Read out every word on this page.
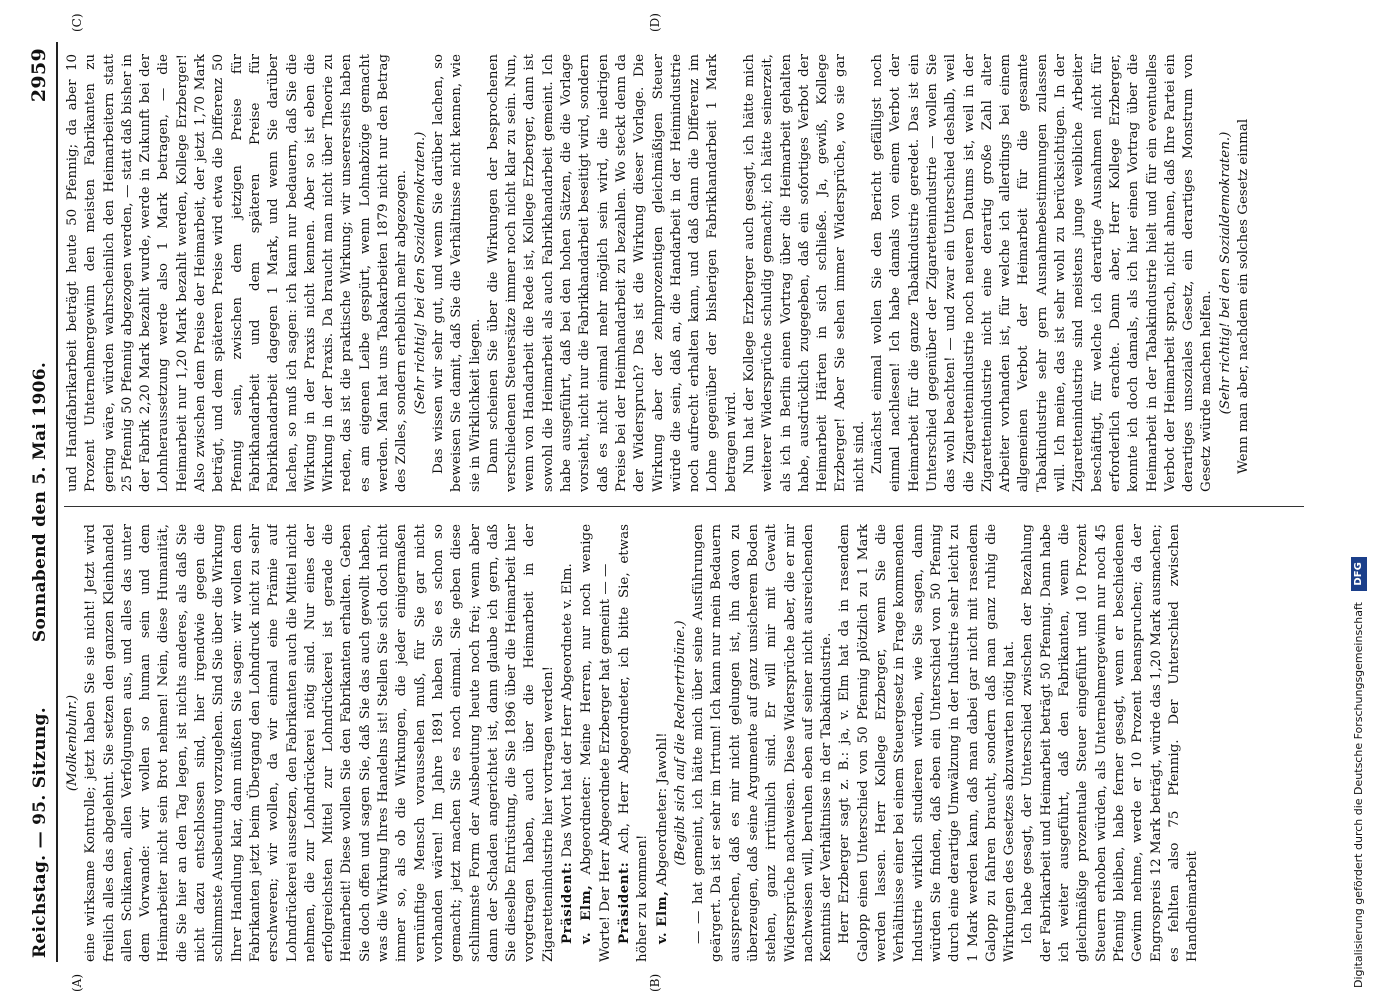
Reichstag. — 95. Sitzung.
Sonnabend den 5. Mai 1906.
2959
(A)	(B)
(C)	(D)

(Molkenbuhr.) eine wirksame Kontrolle; jetzt haben Sie sie nicht! Jetzt wird freilich alles das abgelehnt. Sie setzen den ganzen Kleinhandel allen Schikanen, allen Verfolgungen aus, und alles das unter dem Vorwande: wir wollen so human sein und dem Heimarbeiter nicht sein Brot nehmen! Nein, diese Humanität, die Sie hier an den Tag legen, ist nichts anderes, als daß Sie nicht dazu entschlossen sind, hier irgendwie gegen die schlimmste Ausbeutung vorzugehen. Sind Sie über die Wirkung Ihrer Handlung klar, dann müßten Sie sagen: wir wollen dem Fabrikanten jetzt beim Übergang den Lohndruck nicht zu sehr erschweren; wir wollen, da wir einmal eine Prämie auf Lohndrückerei aussetzen, den Fabrikanten auch die Mittel nicht nehmen, die zur Lohndrückerei nötig sind. Nur eines der erfolgreichsten Mittel zur Lohndrückerei ist gerade die Heimarbeit! Diese wollen Sie den Fabrikanten erhalten. Geben Sie doch offen und sagen Sie, daß Sie das auch gewollt haben, was die Wirkung Ihres Handelns ist! Stellen Sie sich doch nicht immer so, als ob die Wirkungen, die jeder einigermaßen vernünftige Mensch voraussehen muß, für Sie gar nicht vorhanden wären! Im Jahre 1891 haben Sie es schon so gemacht; jetzt machen Sie es noch einmal. Sie geben diese schlimmste Form der Ausbeutung heute noch frei; wenn aber dann der Schaden angerichtet ist, dann glaube ich gern, daß Sie dieselbe Entrüstung, die Sie 1896 über die Heimarbeit hier vorgetragen haben, auch über die Heimarbeit in der Zigarettenindustrie hier vortragen werden! Präsident: Das Wort hat der Herr Abgeordnete v. Elm.

v. Elm, Abgeordneter: Meine Herren, nur noch wenige Worte! Der Herr Abgeordnete Erzberger hat gemeint — — Präsident: Ach, Herr Abgeordneter, ich bitte Sie, etwas höher zu kommen! v. Elm, Abgeordneter: Jawohl! (Begibt sich auf die Rednertribüne.) — — hat gemeint, ich hätte mich über seine Ausführungen geärgert. Da ist er sehr im Irrtum! Ich kann nur mein Bedauern aussprechen, daß es mir nicht gelungen ist, ihn davon zu überzeugen, daß seine Argumente auf ganz unsicherem Boden stehen, ganz irrtümlich sind. Er will mir mit Gewalt Widersprüche nachweisen. Diese Widersprüche aber, die er mir nachweisen will, beruhen eben auf seiner nicht ausreichenden Kenntnis der Verhältnisse in der Tabakindustrie. Herr Erzberger sagt z. B.: ja, v. Elm hat da in rasendem Galopp einen Unterschied von 50 Pfennig plötzlich zu 1 Mark werden lassen. Herr Kollege Erzberger, wenn Sie die Verhältnisse einer bei einem Steuergesetz in Frage kommenden Industrie wirklich studieren würden, wie Sie sagen, dann würden Sie finden, daß eben ein Unterschied von 50 Pfennig durch eine derartige Umwälzung in der Industrie sehr leicht zu 1 Mark werden kann, daß man dabei gar nicht mit rasendem Galopp zu fahren braucht, sondern daß man ganz ruhig die Wirkungen des Gesetzes abzuwarten nötig hat. Ich habe gesagt, der Unterschied zwischen der Bezahlung der Fabrikarbeit und Heimarbeit beträgt 50 Pfennig. Dann habe ich weiter ausgeführt, daß den Fabrikanten, wenn die gleichmäßige prozentuale Steuer eingeführt und 10 Prozent Steuern erhoben würden, als Unternehmergewinn nur noch 45 Pfennig bleiben, habe ferner gesagt, wenn er beschiedenen Gewinn nehme, werde er 10 Prozent beanspruchen; da der Engrospreis 12 Mark beträgt, würde das 1,20 Mark ausmachen; es fehlten also 75 Pfennig. Der Unterschied zwischen Handheimarbeit

und Handfabrikarbeit beträgt heute 50 Pfennig; da aber 10 Prozent Unternehmergewinn den meisten Fabrikanten zu gering wäre, würden wahrscheinlich den Heimarbeitern statt 25 Pfennig 50 Pfennig abgezogen werden, — statt daß bisher in der Fabrik 2,20 Mark bezahlt wurde, werde in Zukunft bei der Lohnheraussetzung werde also 1 Mark betragen, — die Heimarbeit nur 1,20 Mark bezahlt werden, Kollege Erzberger! Also zwischen dem Preise der Heimarbeit, der jetzt 1,70 Mark beträgt, und dem späteren Preise wird etwa die Differenz 50 Pfennig sein, zwischen dem jetzigen Preise für Fabrikhandarbeit und dem späteren Preise für Fabrikhandarbeit dagegen 1 Mark, und wenn Sie darüber lachen, so muß ich sagen: ich kann nur bedauern, daß Sie die Wirkung in der Praxis nicht kennen. Aber so ist eben die Wirkung in der Praxis. Da braucht man nicht über Theorie zu reden, das ist die praktische Wirkung; wir unsererseits haben es am eigenen Leibe gespürt, wenn Lohnabzüge gemacht werden. Man hat uns Tabakarbeiten 1879 nicht nur den Betrag des Zolles, sondern erheblich mehr abgezogen. (Sehr richtig! bei den Sozialdemokraten.) Das wissen wir sehr gut, und wenn Sie darüber lachen, so beweisen Sie damit, daß Sie die Verhältnisse nicht kennen, wie sie in Wirklichkeit liegen. Dann scheinen Sie über die Wirkungen der besprochenen verschiedenen Steuersätze immer noch nicht klar zu sein. Nun, wenn von Handarbeit die Rede ist, Kollege Erzberger, dann ist sowohl die Heimarbeit als auch Fabrikhandarbeit gemeint. Ich habe ausgeführt, daß bei den hohen Sätzen, die die Vorlage vorsieht, nicht nur die Fabrikhandarbeit beseitigt wird, sondern daß es nicht einmal mehr möglich sein wird, die niedrigen Preise bei der Heimhandarbeit zu bezahlen. Wo steckt denn da der Widerspruch? Das ist die Wirkung dieser Vorlage. Die Wirkung aber der zehnprozentigen gleichmäßigen Steuer würde die sein, daß an, die Handarbeit in der Heimindustrie noch aufrecht erhalten kann, und daß dann die Differenz im Lohne gegenüber der bisherigen Fabrikhandarbeit 1 Mark betragen wird. Nun hat der Kollege Erzberger auch gesagt, ich hätte mich weiterer Widersprüche schuldig gemacht; ich hätte seinerzeit, als ich in Berlin einen Vortrag über die Heimarbeit gehalten habe, ausdrücklich zugegeben, daß ein sofortiges Verbot der Heimarbeit Härten in sich schließe. Ja, gewiß, Kollege Erzberger! Aber Sie sehen immer Widersprüche, wo sie gar nicht sind. Zunächst einmal wollen Sie den Bericht gefälligst noch einmal nachlesen! Ich habe damals von einem Verbot der Heimarbeit für die ganze Tabakindustrie geredet. Das ist ein Unterschied gegenüber der Zigarettenindustrie — wollen Sie das wohl beachten! — und zwar ein Unterschied deshalb, weil die Zigarettenindustrie noch neueren Datums ist, weil in der Zigarettenindustrie nicht eine derartig große Zahl alter Arbeiter vorhanden ist, für welche ich allerdings bei einem allgemeinen Verbot der Heimarbeit für die gesamte Tabakindustrie sehr gern Ausnahmebestimmungen zulassen will. Ich meine, das ist sehr wohl zu berücksichtigen. In der Zigarettenindustrie sind meistens junge weibliche Arbeiter beschäftigt, für welche ich derartige Ausnahmen nicht für erforderlich erachte. Dann aber, Herr Kollege Erzberger, konnte ich doch damals, als ich hier einen Vortrag über die Heimarbeit in der Tabakindustrie hielt und für ein eventuelles Verbot der Heimarbeit sprach, nicht ahnen, daß Ihre Partei ein derartiges unsoziales Gesetz, ein derartiges Monstrum von Gesetz würde machen helfen. (Sehr richtig! bei den Sozialdemokraten.) Wenn man aber, nachdem ein solches Gesetz einmal

Digitalisierung gefördert durch die Deutsche Forschungsgemeinschaft DFG
